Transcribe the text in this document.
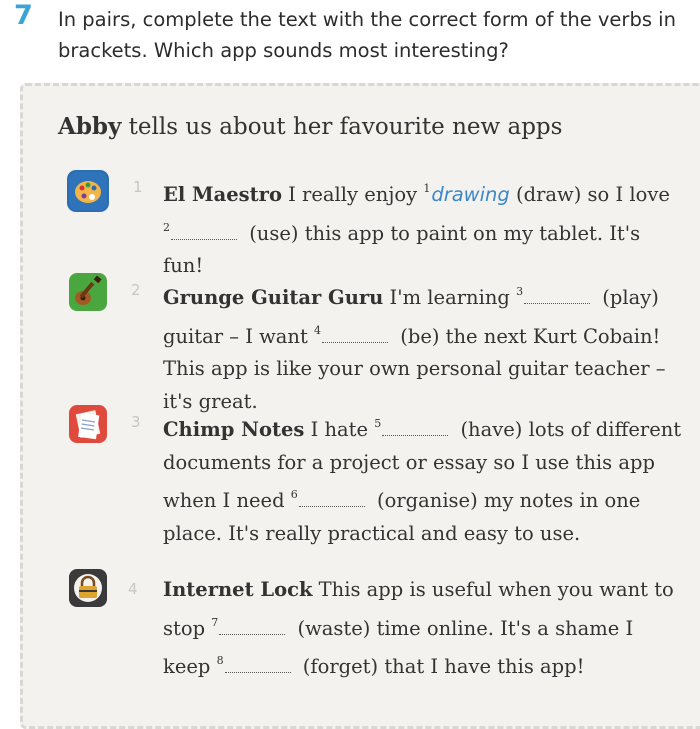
7 In pairs, complete the text with the correct form of the verbs in brackets. Which app sounds most interesting?
Abby tells us about her favourite new apps
1 El Maestro I really enjoy $^1$drawing (draw) so I love $^2$	(use) this app to paint on my tablet. It's fun!
2 Grunge Guitar Guru I'm learning $^3$	(play) guitar – I want $^4$	(be) the next Kurt Cobain! This app is like your own personal guitar teacher – it's great.
3 Chimp Notes I hate $^5$	(have) lots of different documents for a project or essay so I use this app when I need $^6$	(organise) my notes in one place. It's really practical and easy to use.
4 Internet Lock This app is useful when you want to stop $^7$	(waste) time online. It's a shame I keep $^8$	(forget) that I have this app!
